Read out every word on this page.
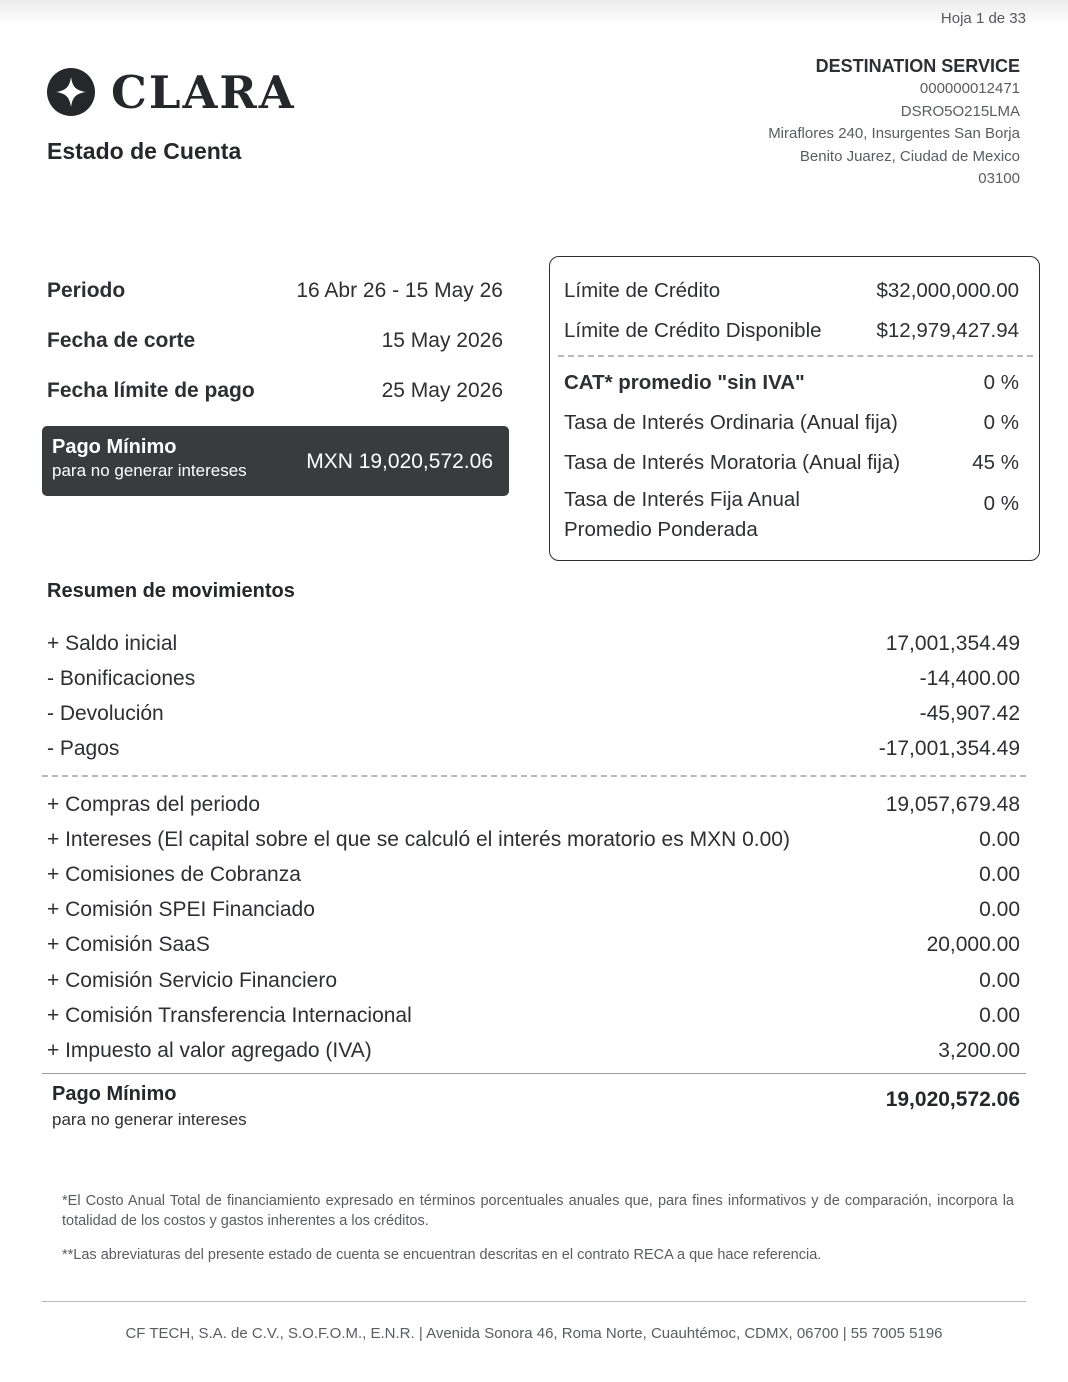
Hoja 1 de 33
CLARA
Estado de Cuenta
DESTINATION SERVICE
000000012471
DSRO5O215LMA
Miraflores 240, Insurgentes San Borja
Benito Juarez, Ciudad de Mexico
03100
Periodo	16 Abr 26 - 15 May 26
Fecha de corte	15 May 2026
Fecha límite de pago	25 May 2026
Pago Mínimo
para no generar intereses	MXN 19,020,572.06
Límite de Crédito	$32,000,000.00
Límite de Crédito Disponible	$12,979,427.94
CAT* promedio "sin IVA"	0 %
Tasa de Interés Ordinaria (Anual fija)	0 %
Tasa de Interés Moratoria (Anual fija)	45 %
Tasa de Interés Fija Anual
Promedio Ponderada
0 %
Resumen de movimientos
+ Saldo inicial	17,001,354.49
- Bonificaciones	-14,400.00
- Devolución	-45,907.42
- Pagos	-17,001,354.49
+ Compras del periodo	19,057,679.48
+ Intereses (El capital sobre el que se calculó el interés moratorio es MXN 0.00)	0.00
+ Comisiones de Cobranza	0.00
+ Comisión SPEI Financiado	0.00
+ Comisión SaaS	20,000.00
+ Comisión Servicio Financiero	0.00
+ Comisión Transferencia Internacional	0.00
+ Impuesto al valor agregado (IVA)	3,200.00
Pago Mínimo
para no generar intereses
19,020,572.06

*El Costo Anual Total de financiamiento expresado en términos porcentuales anuales que, para fines informativos y de comparación, incorpora la totalidad de los costos y gastos inherentes a los créditos.

**Las abreviaturas del presente estado de cuenta se encuentran descritas en el contrato RECA a que hace referencia.

CF TECH, S.A. de C.V., S.O.F.O.M., E.N.R. | Avenida Sonora 46, Roma Norte, Cuauhtémoc, CDMX, 06700 | 55 7005 5196
